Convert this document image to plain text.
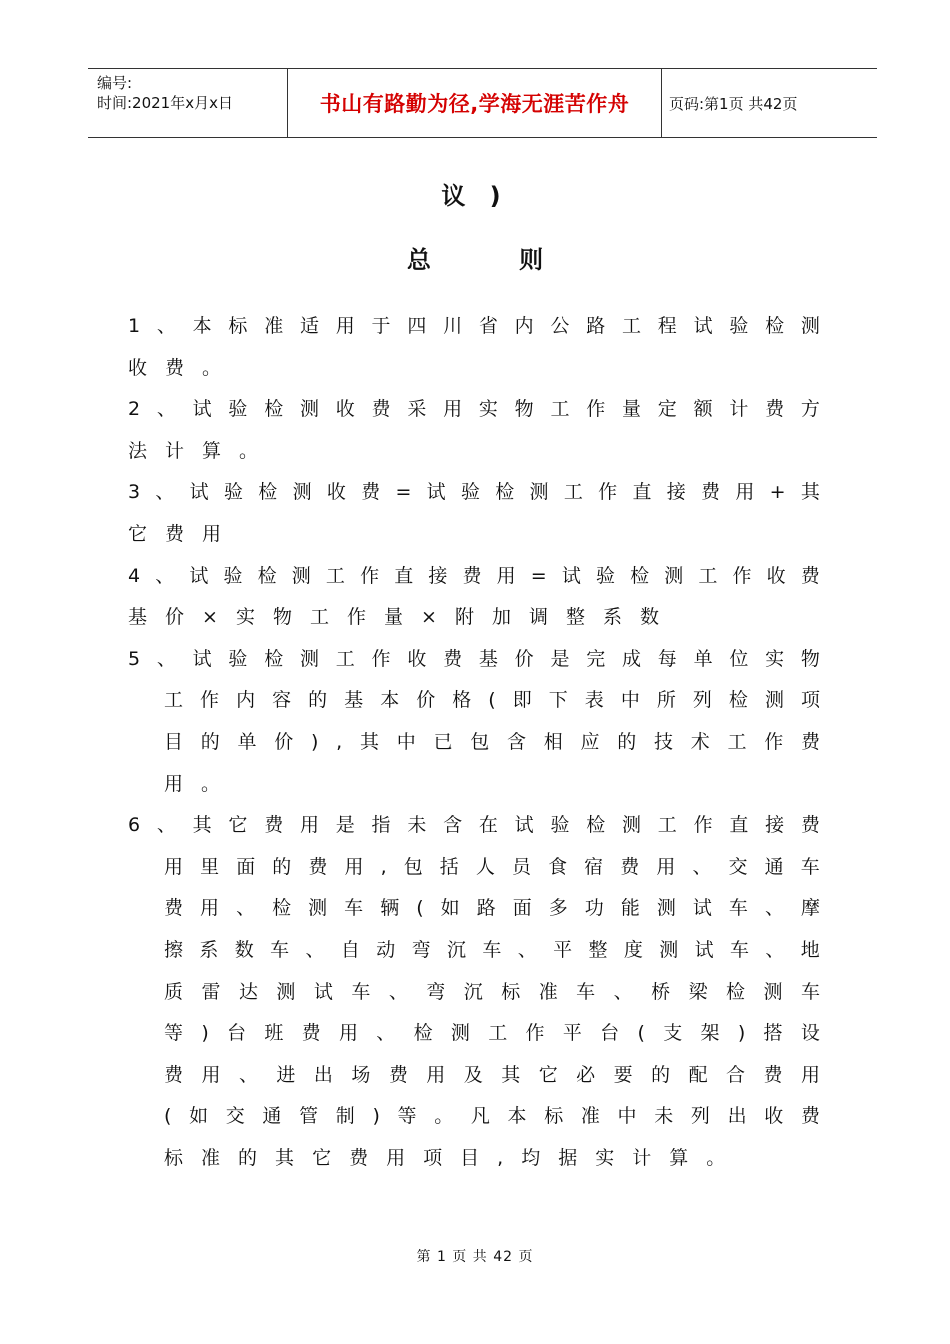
编号:
时间:2021年x月x日	书山有路勤为径,学海无涯苦作舟	页码:第1页 共42页
议 )
总 则
1 、 本 标 准 适 用 于 四 川 省 内 公 路 工 程 试 验 检 测
收 费 。
2 、 试 验 检 测 收 费 采 用 实 物 工 作 量 定 额 计 费 方
法 计 算 。
3 、 试 验 检 测 收 费 = 试 验 检 测 工 作 直 接 费 用 + 其
它 费 用
4 、 试 验 检 测 工 作 直 接 费 用 = 试 验 检 测 工 作 收 费
基 价 × 实 物 工 作 量 × 附 加 调 整 系 数
5 、 试 验 检 测 工 作 收 费 基 价 是 完 成 每 单 位 实 物
工 作 内 容 的 基 本 价 格 ( 即 下 表 中 所 列 检 测 项
目 的 单 价 ) , 其 中 已 包 含 相 应 的 技 术 工 作 费
用 。
6 、 其 它 费 用 是 指 未 含 在 试 验 检 测 工 作 直 接 费
用 里 面 的 费 用 , 包 括 人 员 食 宿 费 用 、 交 通 车
费 用 、 检 测 车 辆 ( 如 路 面 多 功 能 测 试 车 、 摩
擦 系 数 车 、 自 动 弯 沉 车 、 平 整 度 测 试 车 、 地
质 雷 达 测 试 车 、 弯 沉 标 准 车 、 桥 梁 检 测 车
等 ) 台 班 费 用 、 检 测 工 作 平 台 ( 支 架 ) 搭 设
费 用 、 进 出 场 费 用 及 其 它 必 要 的 配 合 费 用
( 如 交 通 管 制 ) 等 。 凡 本 标 准 中 未 列 出 收 费
标 准 的 其 它 费 用 项 目 , 均 据 实 计 算 。
第 1 页 共 42 页
